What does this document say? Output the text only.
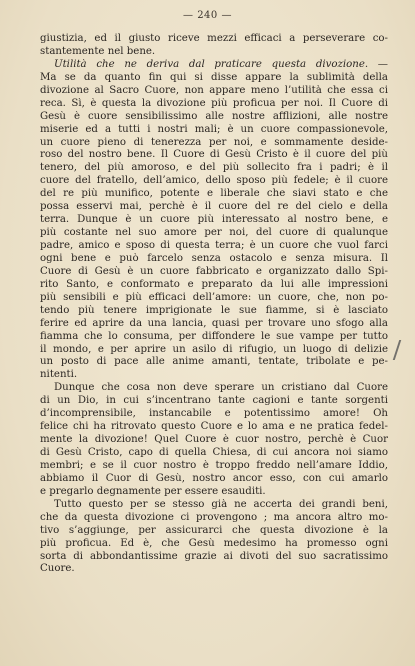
— 240 —
giustizia, ed il giusto riceve mezzi efficaci a perseverare co-
stantemente nel bene.
Utilità che ne deriva dal praticare questa divozione. —
Ma se da quanto fin qui si disse appare la sublimità della
divozione al Sacro Cuore, non appare meno l’utilità che essa ci
reca. Sì, è questa la divozione più proficua per noi. Il Cuore di
Gesù è cuore sensibilissimo alle nostre afflizioni, alle nostre
miserie ed a tutti i nostri mali; è un cuore compassionevole,
un cuore pieno di tenerezza per noi, e sommamente deside-
roso del nostro bene. Il Cuore di Gesù Cristo è il cuore del più
tenero, del più amoroso, e del più sollecito fra i padri; è il
cuore del fratello, dell’amico, dello sposo più fedele; è il cuore
del re più munifico, potente e liberale che siavi stato e che
possa esservi mai, perchè è il cuore del re del cielo e della
terra. Dunque è un cuore più interessato al nostro bene, e
più costante nel suo amore per noi, del cuore di qualunque
padre, amico e sposo di questa terra; è un cuore che vuol farci
ogni bene e può farcelo senza ostacolo e senza misura. Il
Cuore di Gesù è un cuore fabbricato e organizzato dallo Spi-
rito Santo, e conformato e preparato da lui alle impressioni
più sensibili e più efficaci dell’amore: un cuore, che, non po-
tendo più tenere imprigionate le sue fiamme, si è lasciato
ferire ed aprire da una lancia, quasi per trovare uno sfogo alla
fiamma che lo consuma, per diffondere le sue vampe per tutto
il mondo, e per aprire un asilo di rifugio, un luogo di delizie
un posto di pace alle anime amanti, tentate, tribolate e pe-
nitenti.
Dunque che cosa non deve sperare un cristiano dal Cuore
di un Dio, in cui s’incentrano tante cagioni e tante sorgenti
d’incomprensibile, instancabile e potentissimo amore! Oh
felice chi ha ritrovato questo Cuore e lo ama e ne pratica fedel-
mente la divozione! Quel Cuore è cuor nostro, perchè è Cuor
di Gesù Cristo, capo di quella Chiesa, di cui ancora noi siamo
membri; e se il cuor nostro è troppo freddo nell’amare Iddio,
abbiamo il Cuor di Gesù, nostro ancor esso, con cui amarlo
e pregarlo degnamente per essere esauditi.
Tutto questo per se stesso già ne accerta dei grandi beni,
che da questa divozione ci provengono ; ma ancora altro mo-
tivo s’aggiunge, per assicurarci che questa divozione è la
più proficua. Ed è, che Gesù medesimo ha promesso ogni
sorta di abbondantissime grazie ai divoti del suo sacratissimo
Cuore.
